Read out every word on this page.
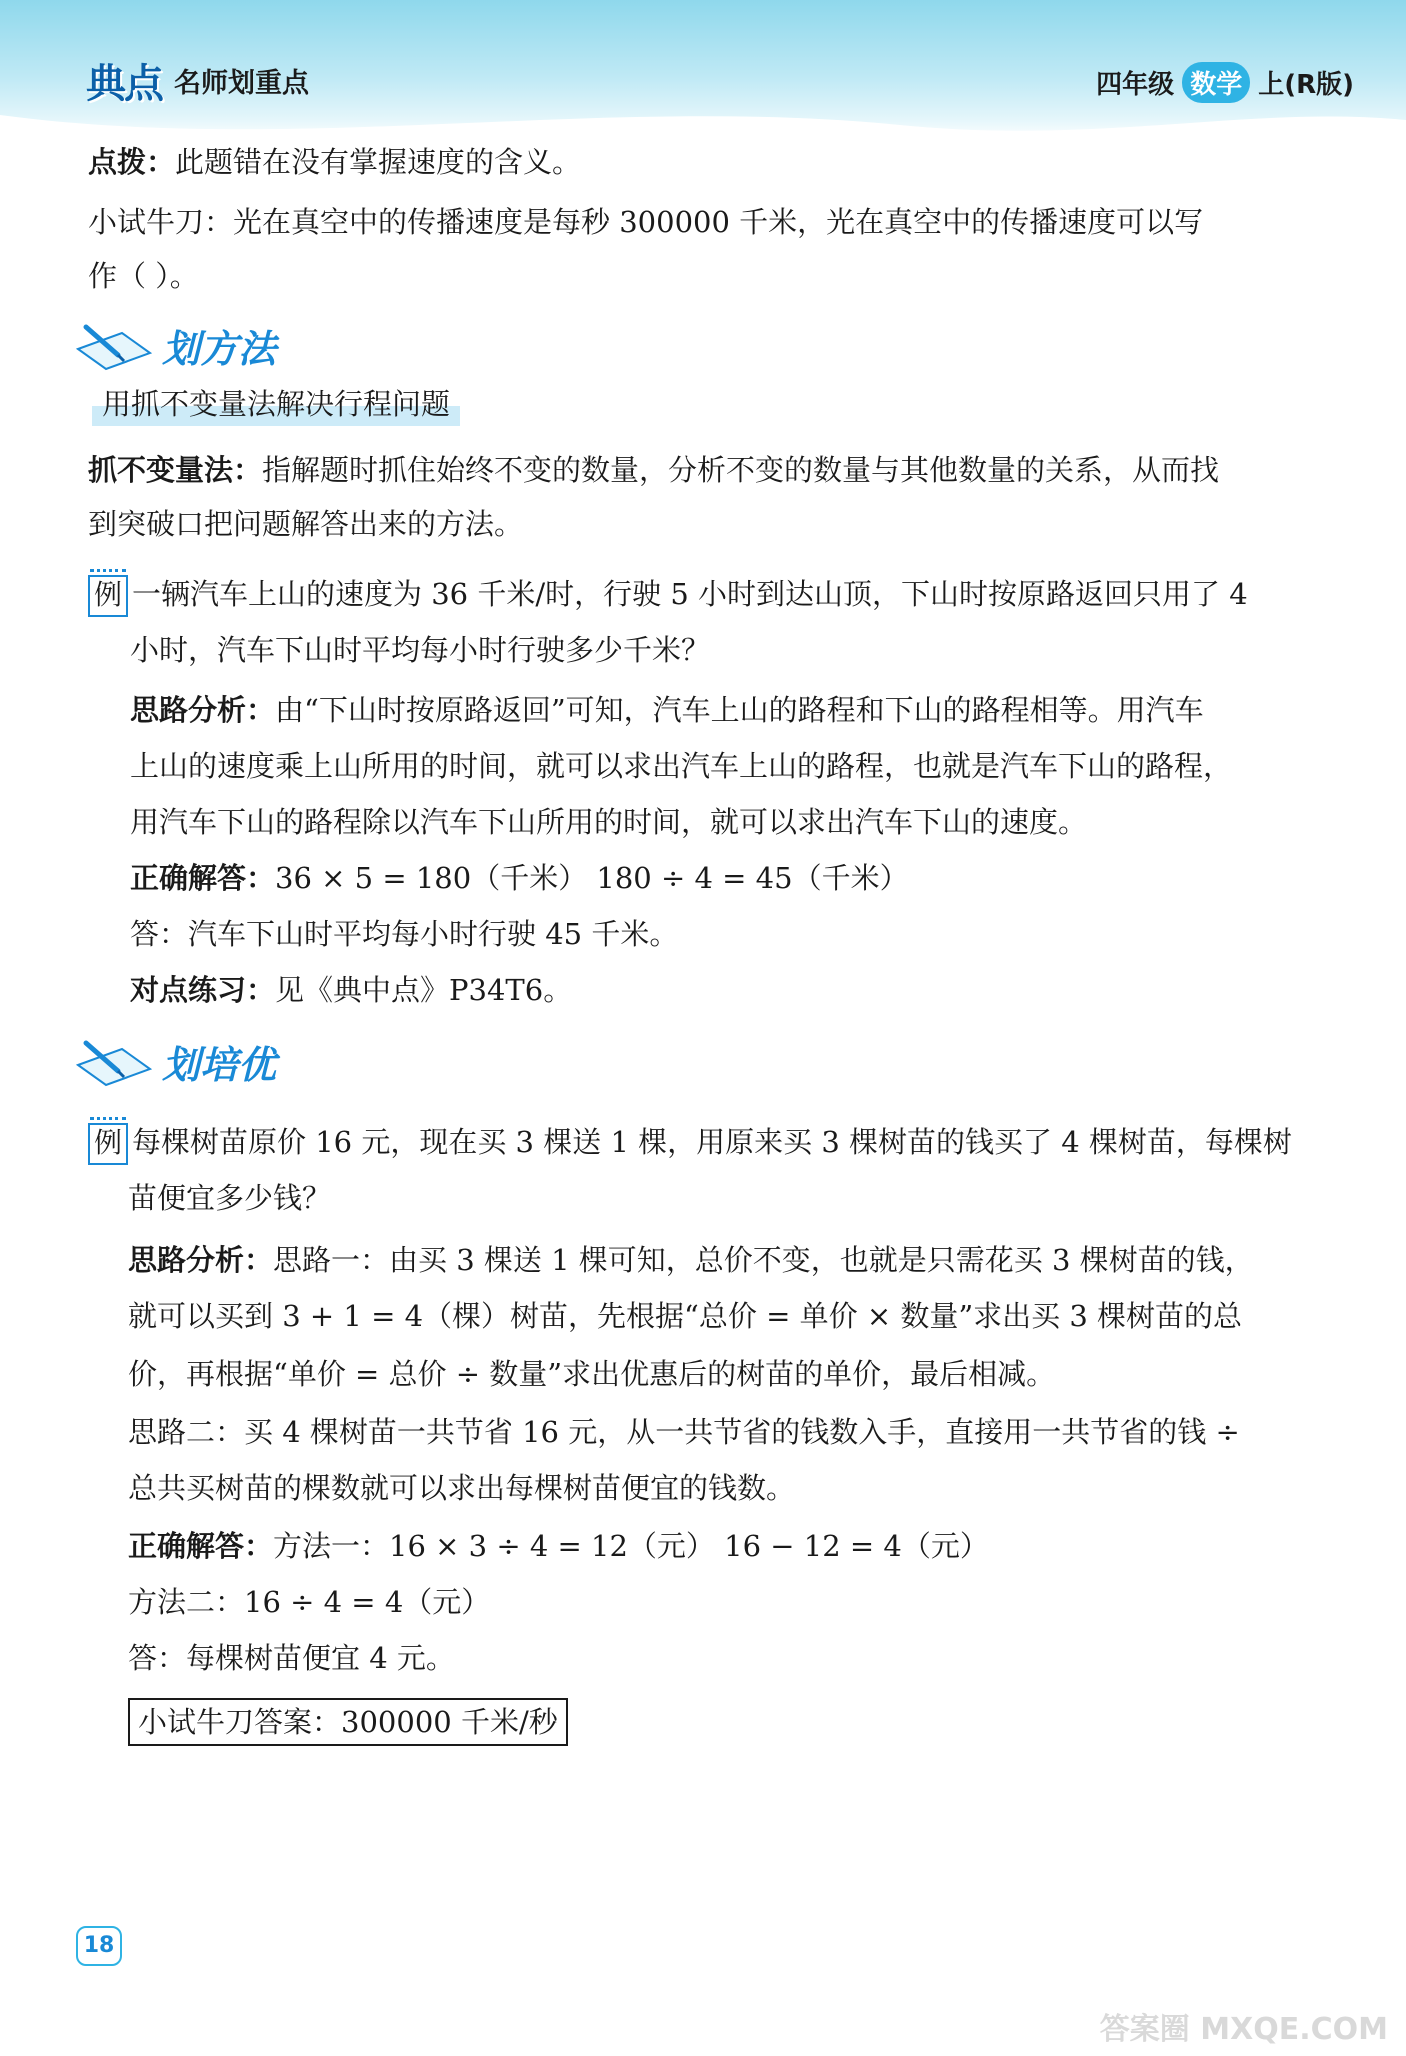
典点 名师划重点	四年级 数学 上(R版)

点拨：此题错在没有掌握速度的含义。

小试牛刀：光在真空中的传播速度是每秒 300000 千米，光在真空中的传播速度可以写

作（ ）。

划方法
用抓不变量法解决行程问题

抓不变量法：指解题时抓住始终不变的数量，分析不变的数量与其他数量的关系，从而找

到突破口把问题解答出来的方法。

例 一辆汽车上山的速度为 36 千米/时，行驶 5 小时到达山顶，下山时按原路返回只用了 4

小时，汽车下山时平均每小时行驶多少千米？

思路分析：由“下山时按原路返回”可知，汽车上山的路程和下山的路程相等。用汽车

上山的速度乘上山所用的时间，就可以求出汽车上山的路程，也就是汽车下山的路程，

用汽车下山的路程除以汽车下山所用的时间，就可以求出汽车下山的速度。

正确解答：36 × 5 = 180（千米） 180 ÷ 4 = 45（千米）

答：汽车下山时平均每小时行驶 45 千米。

对点练习：见《典中点》P34T6。

划培优

例 每棵树苗原价 16 元，现在买 3 棵送 1 棵，用原来买 3 棵树苗的钱买了 4 棵树苗，每棵树

苗便宜多少钱？

思路分析：思路一：由买 3 棵送 1 棵可知，总价不变，也就是只需花买 3 棵树苗的钱，

就可以买到 3 + 1 = 4（棵）树苗，先根据“总价 = 单价 × 数量”求出买 3 棵树苗的总

价，再根据“单价 = 总价 ÷ 数量”求出优惠后的树苗的单价，最后相减。

思路二：买 4 棵树苗一共节省 16 元，从一共节省的钱数入手，直接用一共节省的钱 ÷

总共买树苗的棵数就可以求出每棵树苗便宜的钱数。

正确解答：方法一：16 × 3 ÷ 4 = 12（元） 16 − 12 = 4（元）

方法二：16 ÷ 4 = 4（元）

答：每棵树苗便宜 4 元。

小试牛刀答案：300000 千米/秒
18
答案圈 MXQE.COM
